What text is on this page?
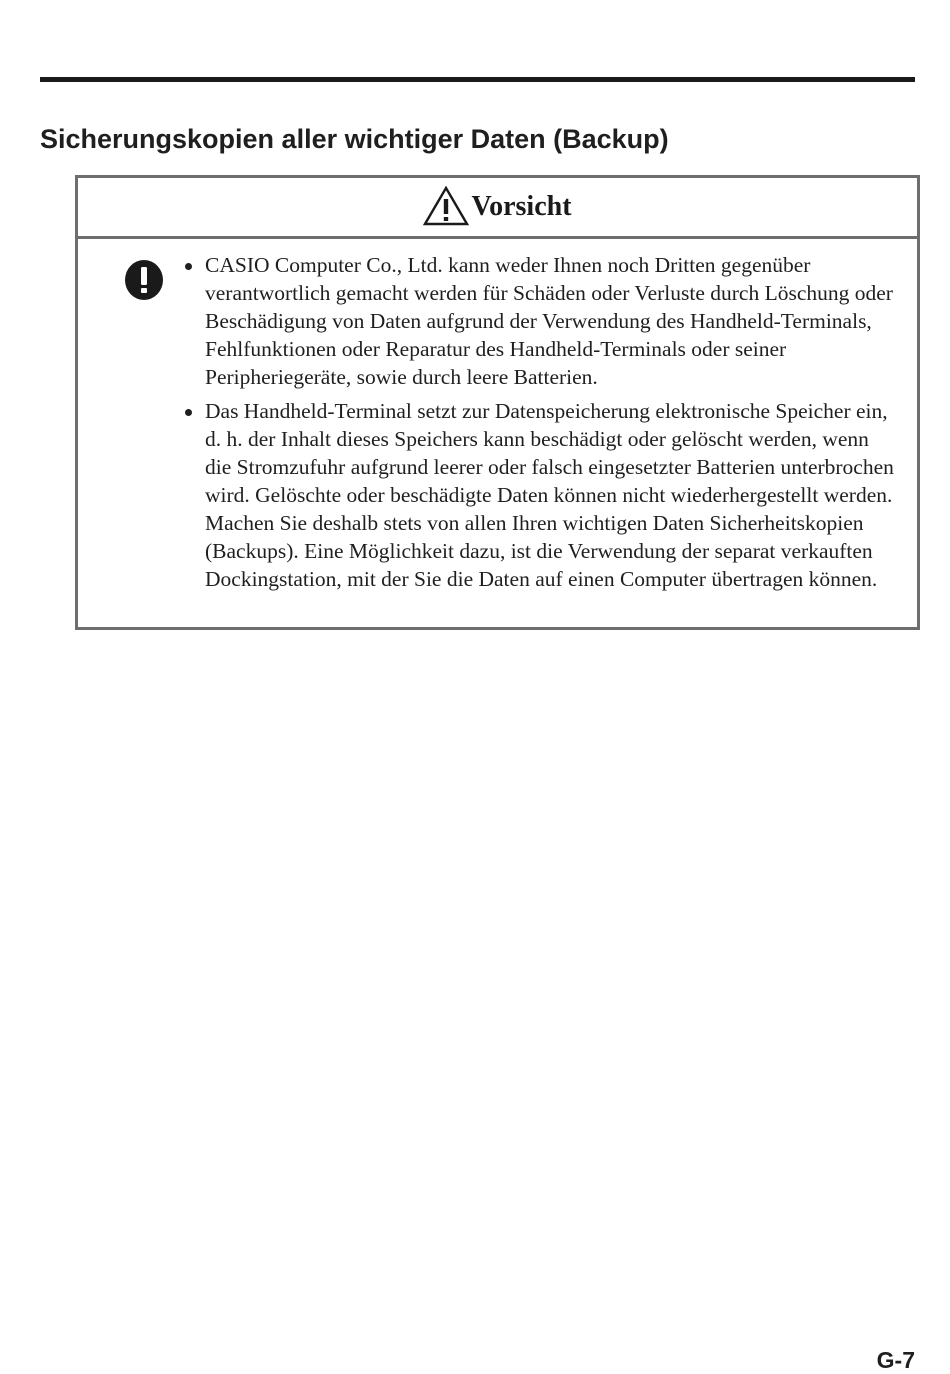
Sicherungskopien aller wichtiger Daten (Backup)
Vorsicht
CASIO Computer Co., Ltd. kann weder Ihnen noch Dritten gegenüber verantwortlich gemacht werden für Schäden oder Verluste durch Löschung oder Beschädigung von Daten aufgrund der Verwendung des Handheld-Terminals, Fehlfunktionen oder Reparatur des Handheld-Terminals oder seiner Peripheriegeräte, sowie durch leere Batterien.
Das Handheld-Terminal setzt zur Datenspeicherung elektronische Speicher ein, d. h. der Inhalt dieses Speichers kann beschädigt oder gelöscht werden, wenn die Stromzufuhr aufgrund leerer oder falsch eingesetzter Batterien unterbrochen wird. Gelöschte oder beschädigte Daten können nicht wiederhergestellt werden. Machen Sie deshalb stets von allen Ihren wichtigen Daten Sicherheitskopien (Backups). Eine Möglichkeit dazu, ist die Verwendung der separat verkauften Dockingstation, mit der Sie die Daten auf einen Computer übertragen können.
G-7
